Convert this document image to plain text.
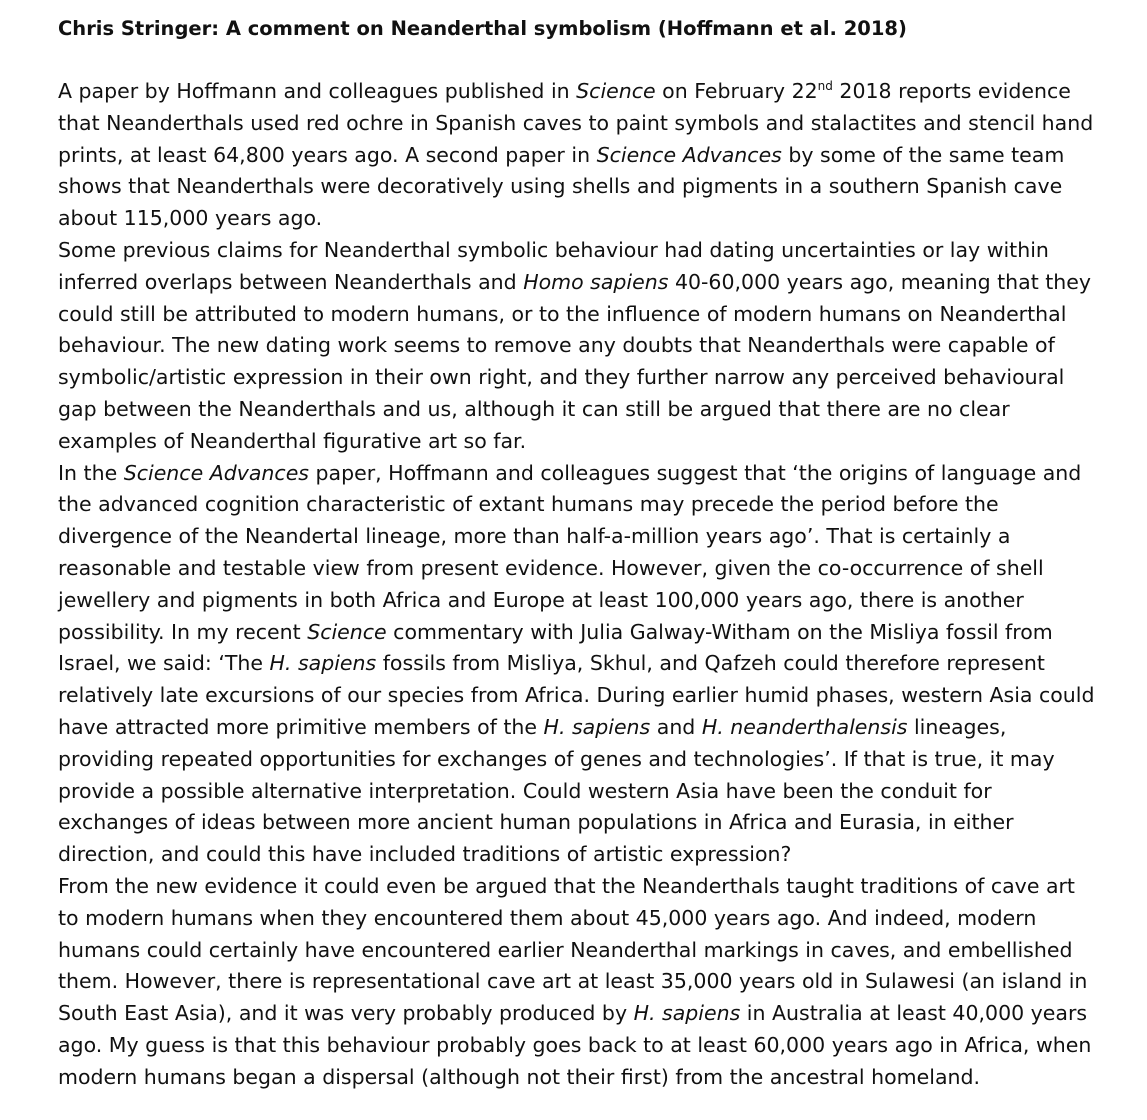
Chris Stringer: A comment on Neanderthal symbolism (Hoffmann et al. 2018)
A paper by Hoffmann and colleagues published in Science on February 22nd 2018 reports evidence
that Neanderthals used red ochre in Spanish caves to paint symbols and stalactites and stencil hand
prints, at least 64,800 years ago. A second paper in Science Advances by some of the same team
shows that Neanderthals were decoratively using shells and pigments in a southern Spanish cave
about 115,000 years ago.
Some previous claims for Neanderthal symbolic behaviour had dating uncertainties or lay within
inferred overlaps between Neanderthals and Homo sapiens 40-60,000 years ago, meaning that they
could still be attributed to modern humans, or to the influence of modern humans on Neanderthal
behaviour. The new dating work seems to remove any doubts that Neanderthals were capable of
symbolic/artistic expression in their own right, and they further narrow any perceived behavioural
gap between the Neanderthals and us, although it can still be argued that there are no clear
examples of Neanderthal figurative art so far.
In the Science Advances paper, Hoffmann and colleagues suggest that ‘the origins of language and
the advanced cognition characteristic of extant humans may precede the period before the
divergence of the Neandertal lineage, more than half-a-million years ago’. That is certainly a
reasonable and testable view from present evidence. However, given the co-occurrence of shell
jewellery and pigments in both Africa and Europe at least 100,000 years ago, there is another
possibility. In my recent Science commentary with Julia Galway-Witham on the Misliya fossil from
Israel, we said: ‘The H. sapiens fossils from Misliya, Skhul, and Qafzeh could therefore represent
relatively late excursions of our species from Africa. During earlier humid phases, western Asia could
have attracted more primitive members of the H. sapiens and H. neanderthalensis lineages,
providing repeated opportunities for exchanges of genes and technologies’. If that is true, it may
provide a possible alternative interpretation. Could western Asia have been the conduit for
exchanges of ideas between more ancient human populations in Africa and Eurasia, in either
direction, and could this have included traditions of artistic expression?
From the new evidence it could even be argued that the Neanderthals taught traditions of cave art
to modern humans when they encountered them about 45,000 years ago. And indeed, modern
humans could certainly have encountered earlier Neanderthal markings in caves, and embellished
them. However, there is representational cave art at least 35,000 years old in Sulawesi (an island in
South East Asia), and it was very probably produced by H. sapiens in Australia at least 40,000 years
ago. My guess is that this behaviour probably goes back to at least 60,000 years ago in Africa, when
modern humans began a dispersal (although not their first) from the ancestral homeland.
